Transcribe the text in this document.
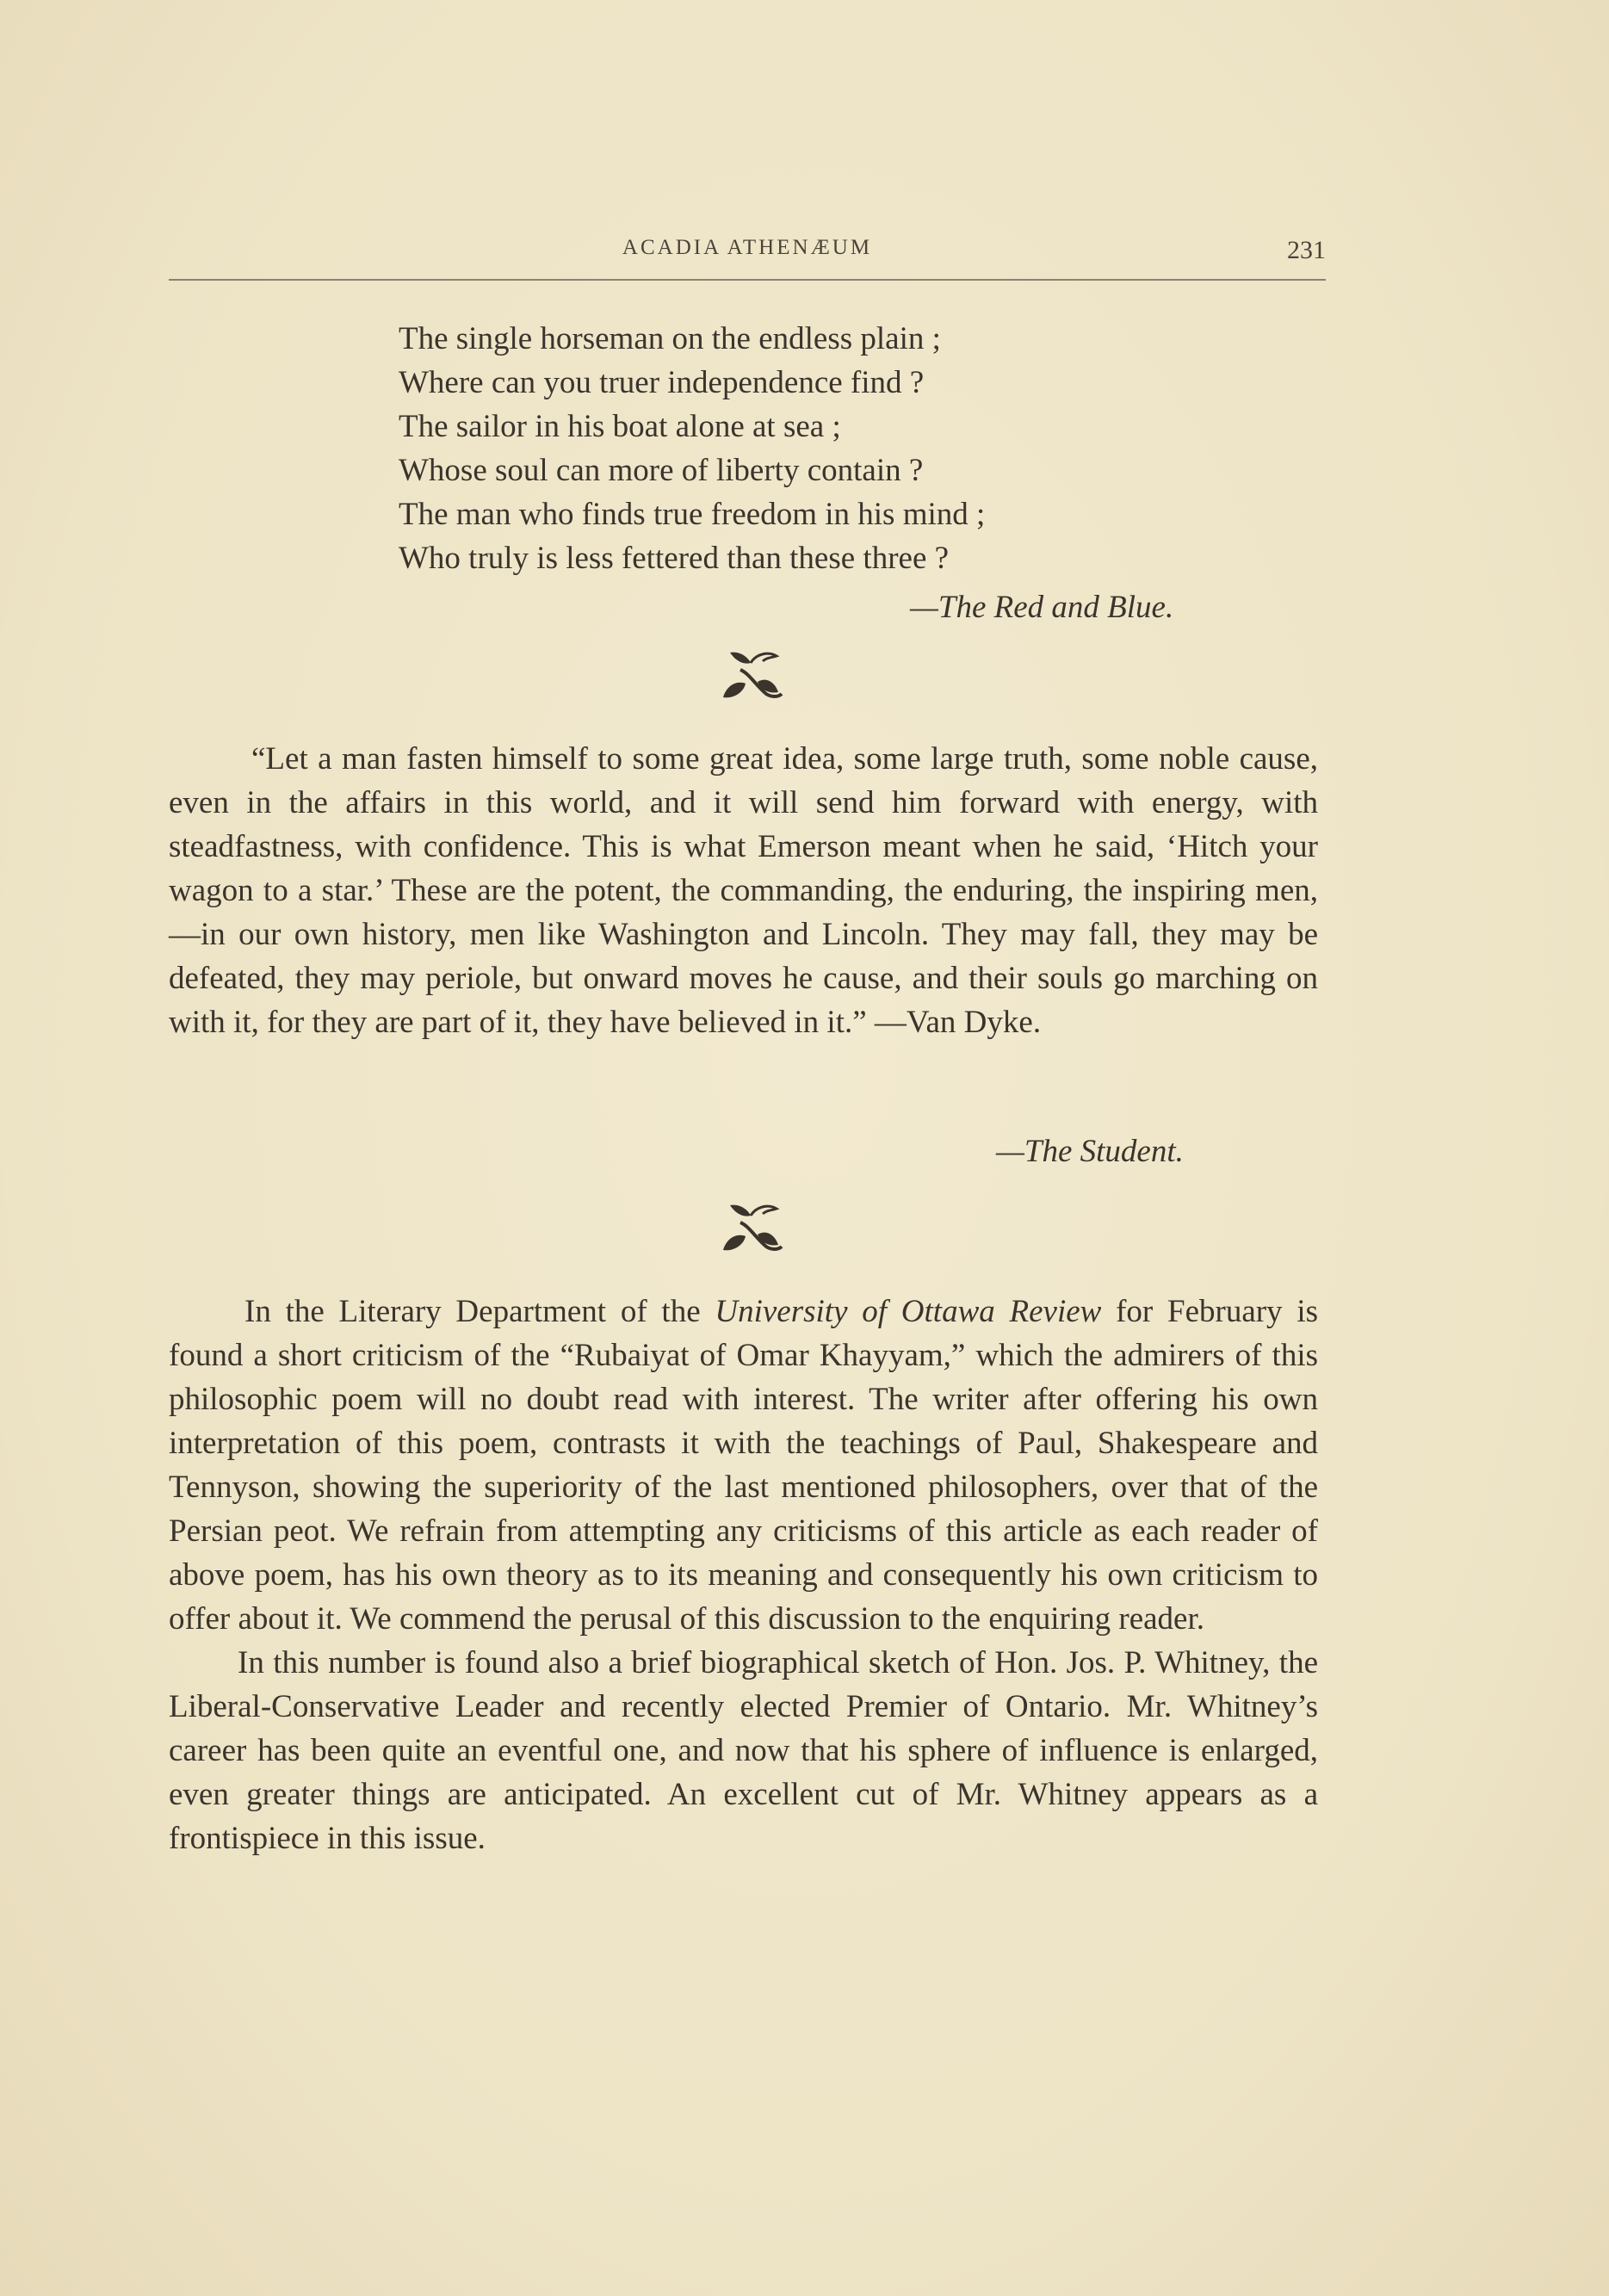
ACADIA ATHENÆUM	231
The single horseman on the endless plain ;
Where can you truer independence find ?
The sailor in his boat alone at sea ;
Whose soul can more of liberty contain ?
The man who finds true freedom in his mind ;
Who truly is less fettered than these three ?
—The Red and Blue.

“Let a man fasten himself to some great idea, some large truth, some noble cause, even in the affairs in this world, and it will send him forward with energy, with steadfastness, with confidence. This is what Emerson meant when he said, ‘Hitch your wagon to a star.’ These are the potent, the commanding, the enduring, the inspiring men, —in our own history, men like Washington and Lincoln. They may fall, they may be defeated, they may periole, but onward moves he cause, and their souls go marching on with it, for they are part of it, they have believed in it.” —Van Dyke.

—The Student.

In the Literary Department of the University of Ottawa Review for February is found a short criticism of the “Rubaiyat of Omar Khayyam,” which the admirers of this philosophic poem will no doubt read with interest. The writer after offering his own interpretation of this poem, contrasts it with the teachings of Paul, Shakespeare and Tennyson, showing the superiority of the last mentioned philosophers, over that of the Persian peot. We refrain from attempting any criticisms of this article as each reader of above poem, has his own theory as to its meaning and consequently his own criticism to offer about it. We commend the perusal of this discussion to the enquiring reader.

In this number is found also a brief biographical sketch of Hon. Jos. P. Whitney, the Liberal-Conservative Leader and recently elected Premier of Ontario. Mr. Whitney’s career has been quite an eventful one, and now that his sphere of influence is enlarged, even greater things are anticipated. An excellent cut of Mr. Whitney appears as a frontispiece in this issue.
